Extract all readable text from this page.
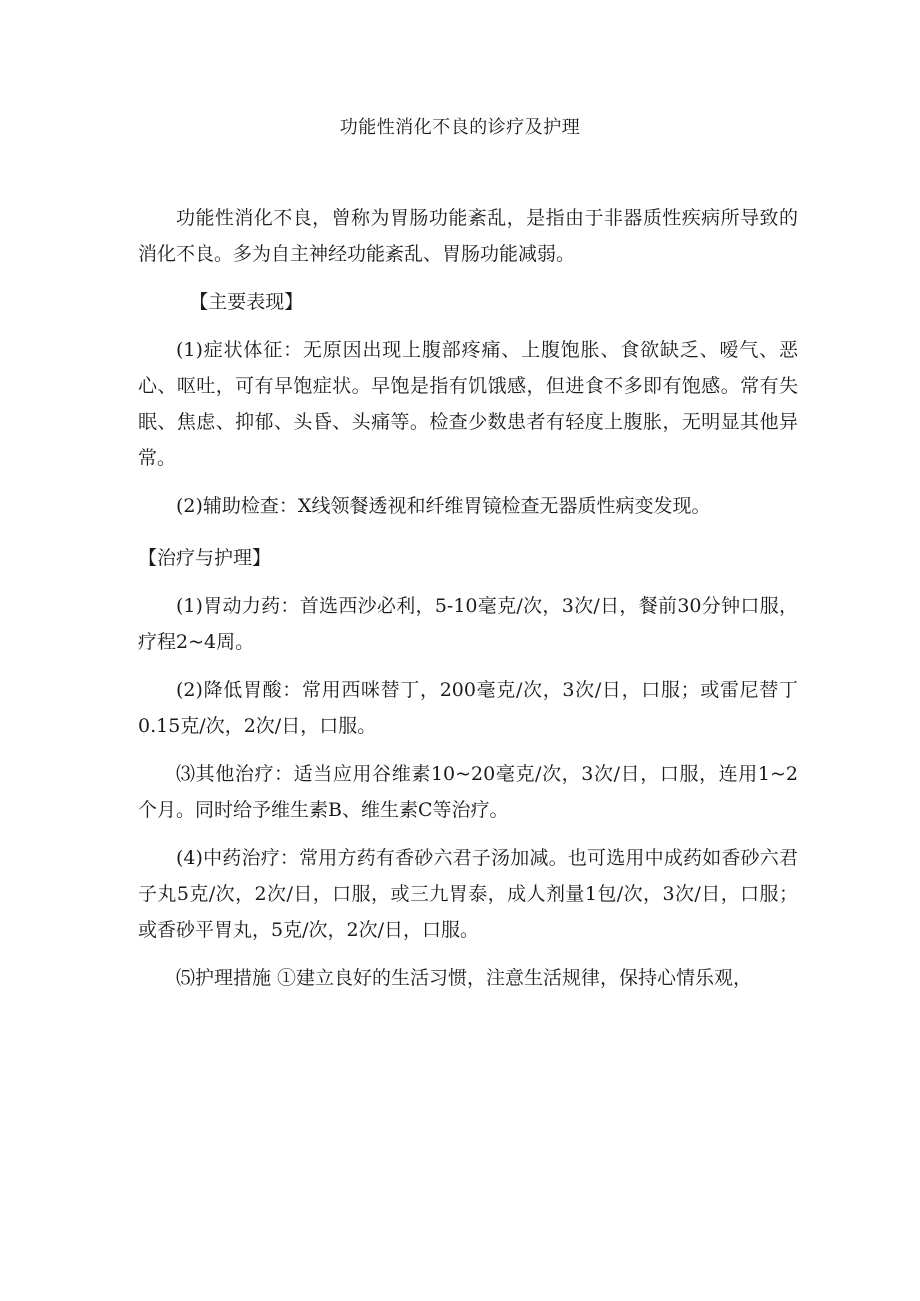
功能性消化不良的诊疗及护理

功能性消化不良，曾称为胃肠功能紊乱，是指由于非器质性疾病所导致的消化不良。多为自主神经功能紊乱、胃肠功能减弱。

【主要表现】

(1)症状体征：无原因出现上腹部疼痛、上腹饱胀、食欲缺乏、嗳气、恶心、呕吐，可有早饱症状。早饱是指有饥饿感，但进食不多即有饱感。常有失眠、焦虑、抑郁、头昏、头痛等。检查少数患者有轻度上腹胀，无明显其他异常。

(2)辅助检查：X线领餐透视和纤维胃镜检查无器质性病变发现。

【治疗与护理】

(1)胃动力药：首选西沙必利，5-10毫克/次，3次/日，餐前30分钟口服，疗程2~4周。

(2)降低胃酸：常用西咪替丁，200毫克/次，3次/日，口服；或雷尼替丁0.15克/次，2次/日，口服。

⑶其他治疗：适当应用谷维素10~20毫克/次，3次/日，口服，连用1~2个月。同时给予维生素B、维生素C等治疗。

(4)中药治疗：常用方药有香砂六君子汤加减。也可选用中成药如香砂六君子丸5克/次，2次/日，口服，或三九胃泰，成人剂量1包/次，3次/日，口服；或香砂平胃丸，5克/次，2次/日，口服。

⑸护理措施 ①建立良好的生活习惯，注意生活规律，保持心情乐观，
